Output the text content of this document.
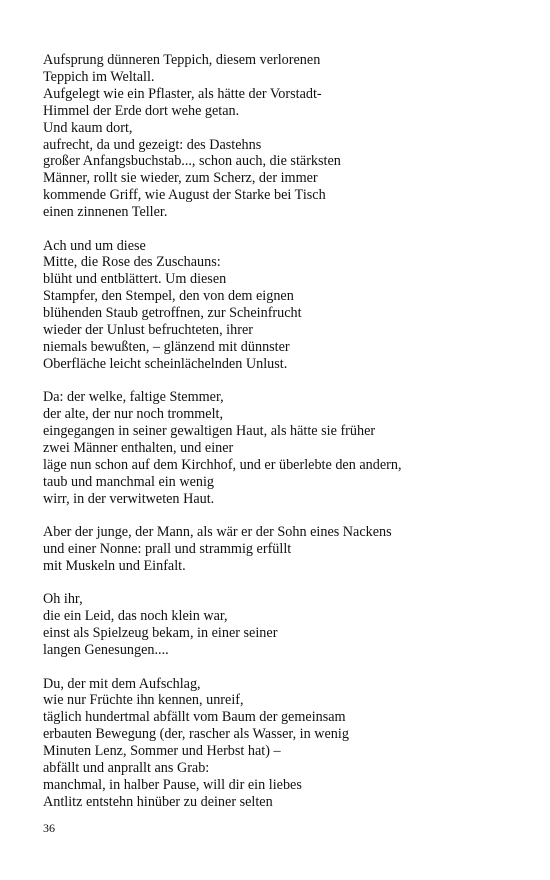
Aufsprung dünneren Teppich, diesem verlorenen
Teppich im Weltall.
Aufgelegt wie ein Pflaster, als hätte der Vorstadt-
Himmel der Erde dort wehe getan.
Und kaum dort,
aufrecht, da und gezeigt: des Dastehns
großer Anfangsbuchstab..., schon auch, die stärksten
Männer, rollt sie wieder, zum Scherz, der immer
kommende Griff, wie August der Starke bei Tisch
einen zinnenen Teller.
Ach und um diese
Mitte, die Rose des Zuschauns:
blüht und entblättert. Um diesen
Stampfer, den Stempel, den von dem eignen
blühenden Staub getroffnen, zur Scheinfrucht
wieder der Unlust befruchteten, ihrer
niemals bewußten, – glänzend mit dünnster
Oberfläche leicht scheinlächelnden Unlust.
Da: der welke, faltige Stemmer,
der alte, der nur noch trommelt,
eingegangen in seiner gewaltigen Haut, als hätte sie früher
zwei Männer enthalten, und einer
läge nun schon auf dem Kirchhof, und er überlebte den andern,
taub und manchmal ein wenig
wirr, in der verwitweten Haut.
Aber der junge, der Mann, als wär er der Sohn eines Nackens
und einer Nonne: prall und strammig erfüllt
mit Muskeln und Einfalt.
Oh ihr,
die ein Leid, das noch klein war,
einst als Spielzeug bekam, in einer seiner
langen Genesungen....
Du, der mit dem Aufschlag,
wie nur Früchte ihn kennen, unreif,
täglich hundertmal abfällt vom Baum der gemeinsam
erbauten Bewegung (der, rascher als Wasser, in wenig
Minuten Lenz, Sommer und Herbst hat) –
abfällt und anprallt ans Grab:
manchmal, in halber Pause, will dir ein liebes
Antlitz entstehn hinüber zu deiner selten
36
